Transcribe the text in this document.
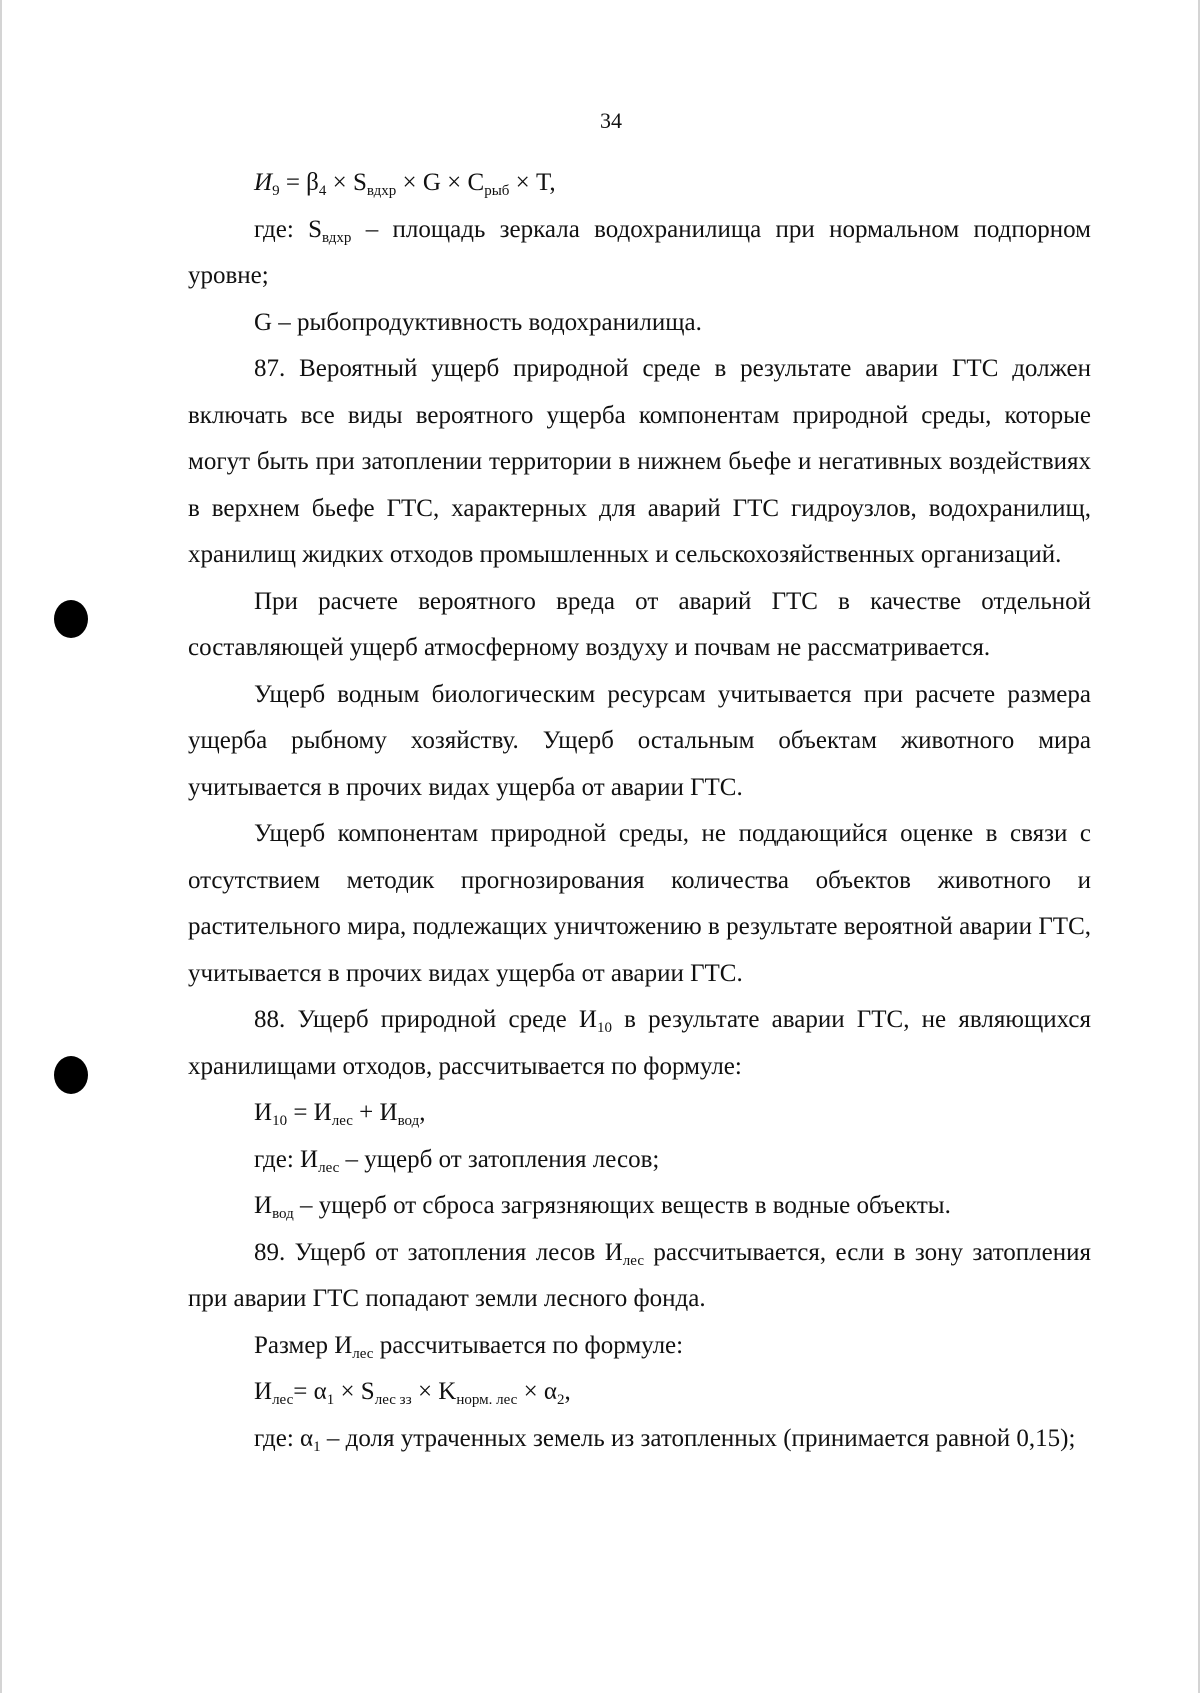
34

$И_9 = \beta_4 \times S_{вдхр} \times G \times C_{рыб} \times T$,

где: $S_{вдхр}$ – площадь зеркала водохранилища при нормальном подпорном уровне;

G – рыбопродуктивность водохранилища.

87. Вероятный ущерб природной среде в результате аварии ГТС должен включать все виды вероятного ущерба компонентам природной среды, которые могут быть при затоплении территории в нижнем бьефе и негативных воздействиях в верхнем бьефе ГТС, характерных для аварий ГТС гидроузлов, водохранилищ, хранилищ жидких отходов промышленных и сельскохозяйственных организаций.

При расчете вероятного вреда от аварий ГТС в качестве отдельной составляющей ущерб атмосферному воздуху и почвам не рассматривается.

Ущерб водным биологическим ресурсам учитывается при расчете размера ущерба рыбному хозяйству. Ущерб остальным объектам животного мира учитывается в прочих видах ущерба от аварии ГТС.

Ущерб компонентам природной среды, не поддающийся оценке в связи с отсутствием методик прогнозирования количества объектов животного и растительного мира, подлежащих уничтожению в результате вероятной аварии ГТС, учитывается в прочих видах ущерба от аварии ГТС.

88. Ущерб природной среде $И_{10}$ в результате аварии ГТС, не являющихся хранилищами отходов, рассчитывается по формуле:

$И_{10} = И_{лес} + И_{вод}$,

где: $И_{лес}$ – ущерб от затопления лесов;

$И_{вод}$ – ущерб от сброса загрязняющих веществ в водные объекты.

89. Ущерб от затопления лесов $И_{лес}$ рассчитывается, если в зону затопления при аварии ГТС попадают земли лесного фонда.

Размер $И_{лес}$ рассчитывается по формуле:

$И_{лес}= \alpha_1 \times S_{лес зз} \times K_{норм. лес} \times \alpha_2$,

где: $\alpha_1$ – доля утраченных земель из затопленных (принимается равной 0,15);
